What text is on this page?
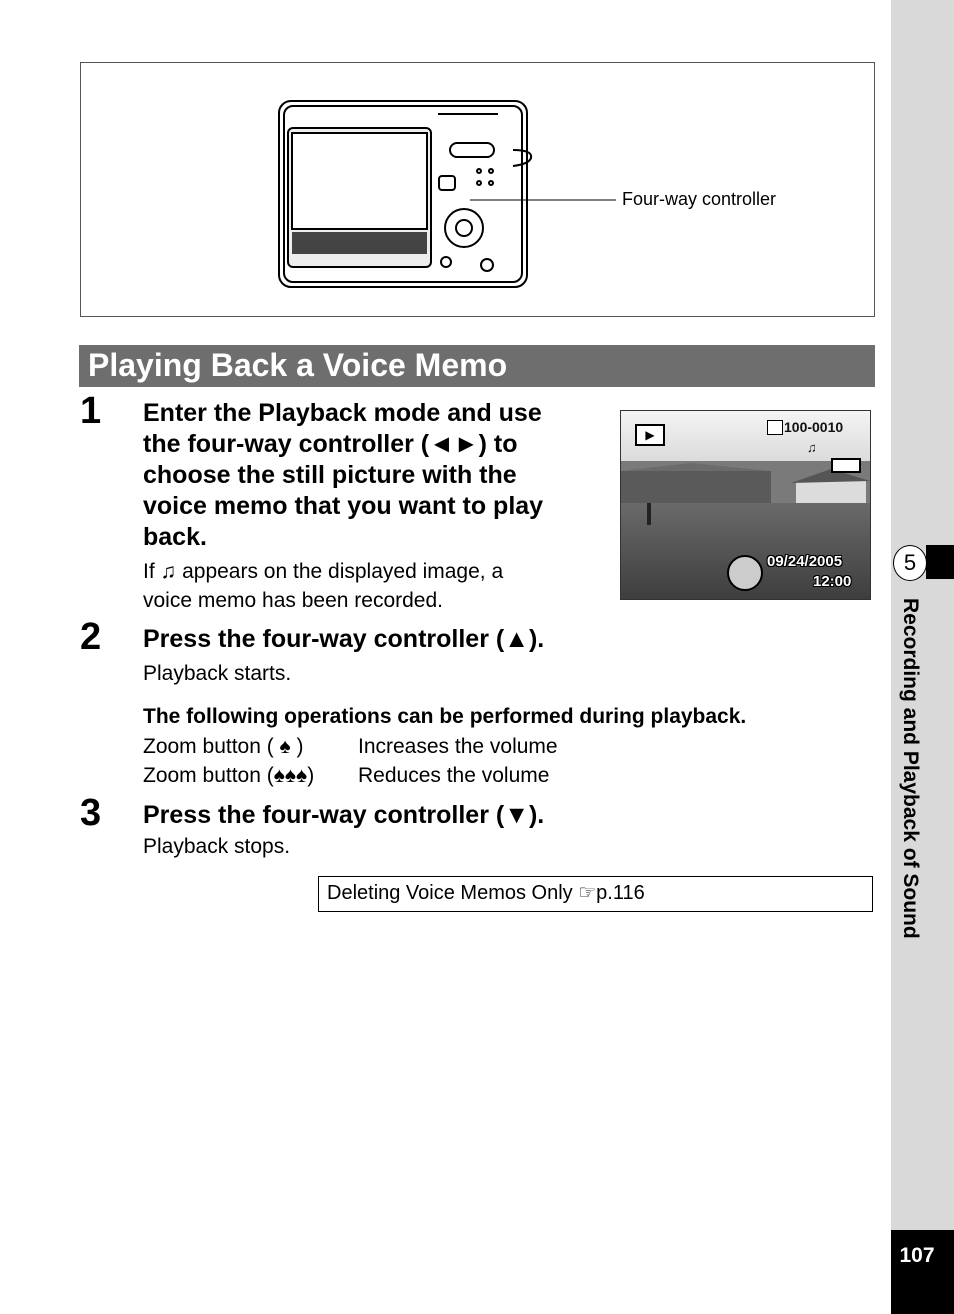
5
Recording and Playback of Sound
107
Four-way controller
Playing Back a Voice Memo
1 Enter the Playback mode and use
the four-way controller (◄►) to
choose the still picture with the
voice memo that you want to play
back.
If ♫ appears on the displayed image, a
voice memo has been recorded.
▶	100-0010
♫
09/24/2005
12:00
2 Press the four-way controller (▲).
Playback starts.
The following operations can be performed during playback.
Zoom button ( ♠ )	Increases the volume
Zoom button (♠♠♠) Reduces the volume
3 Press the four-way controller (▼).
Playback stops.
Deleting Voice Memos Only ☞p.116
